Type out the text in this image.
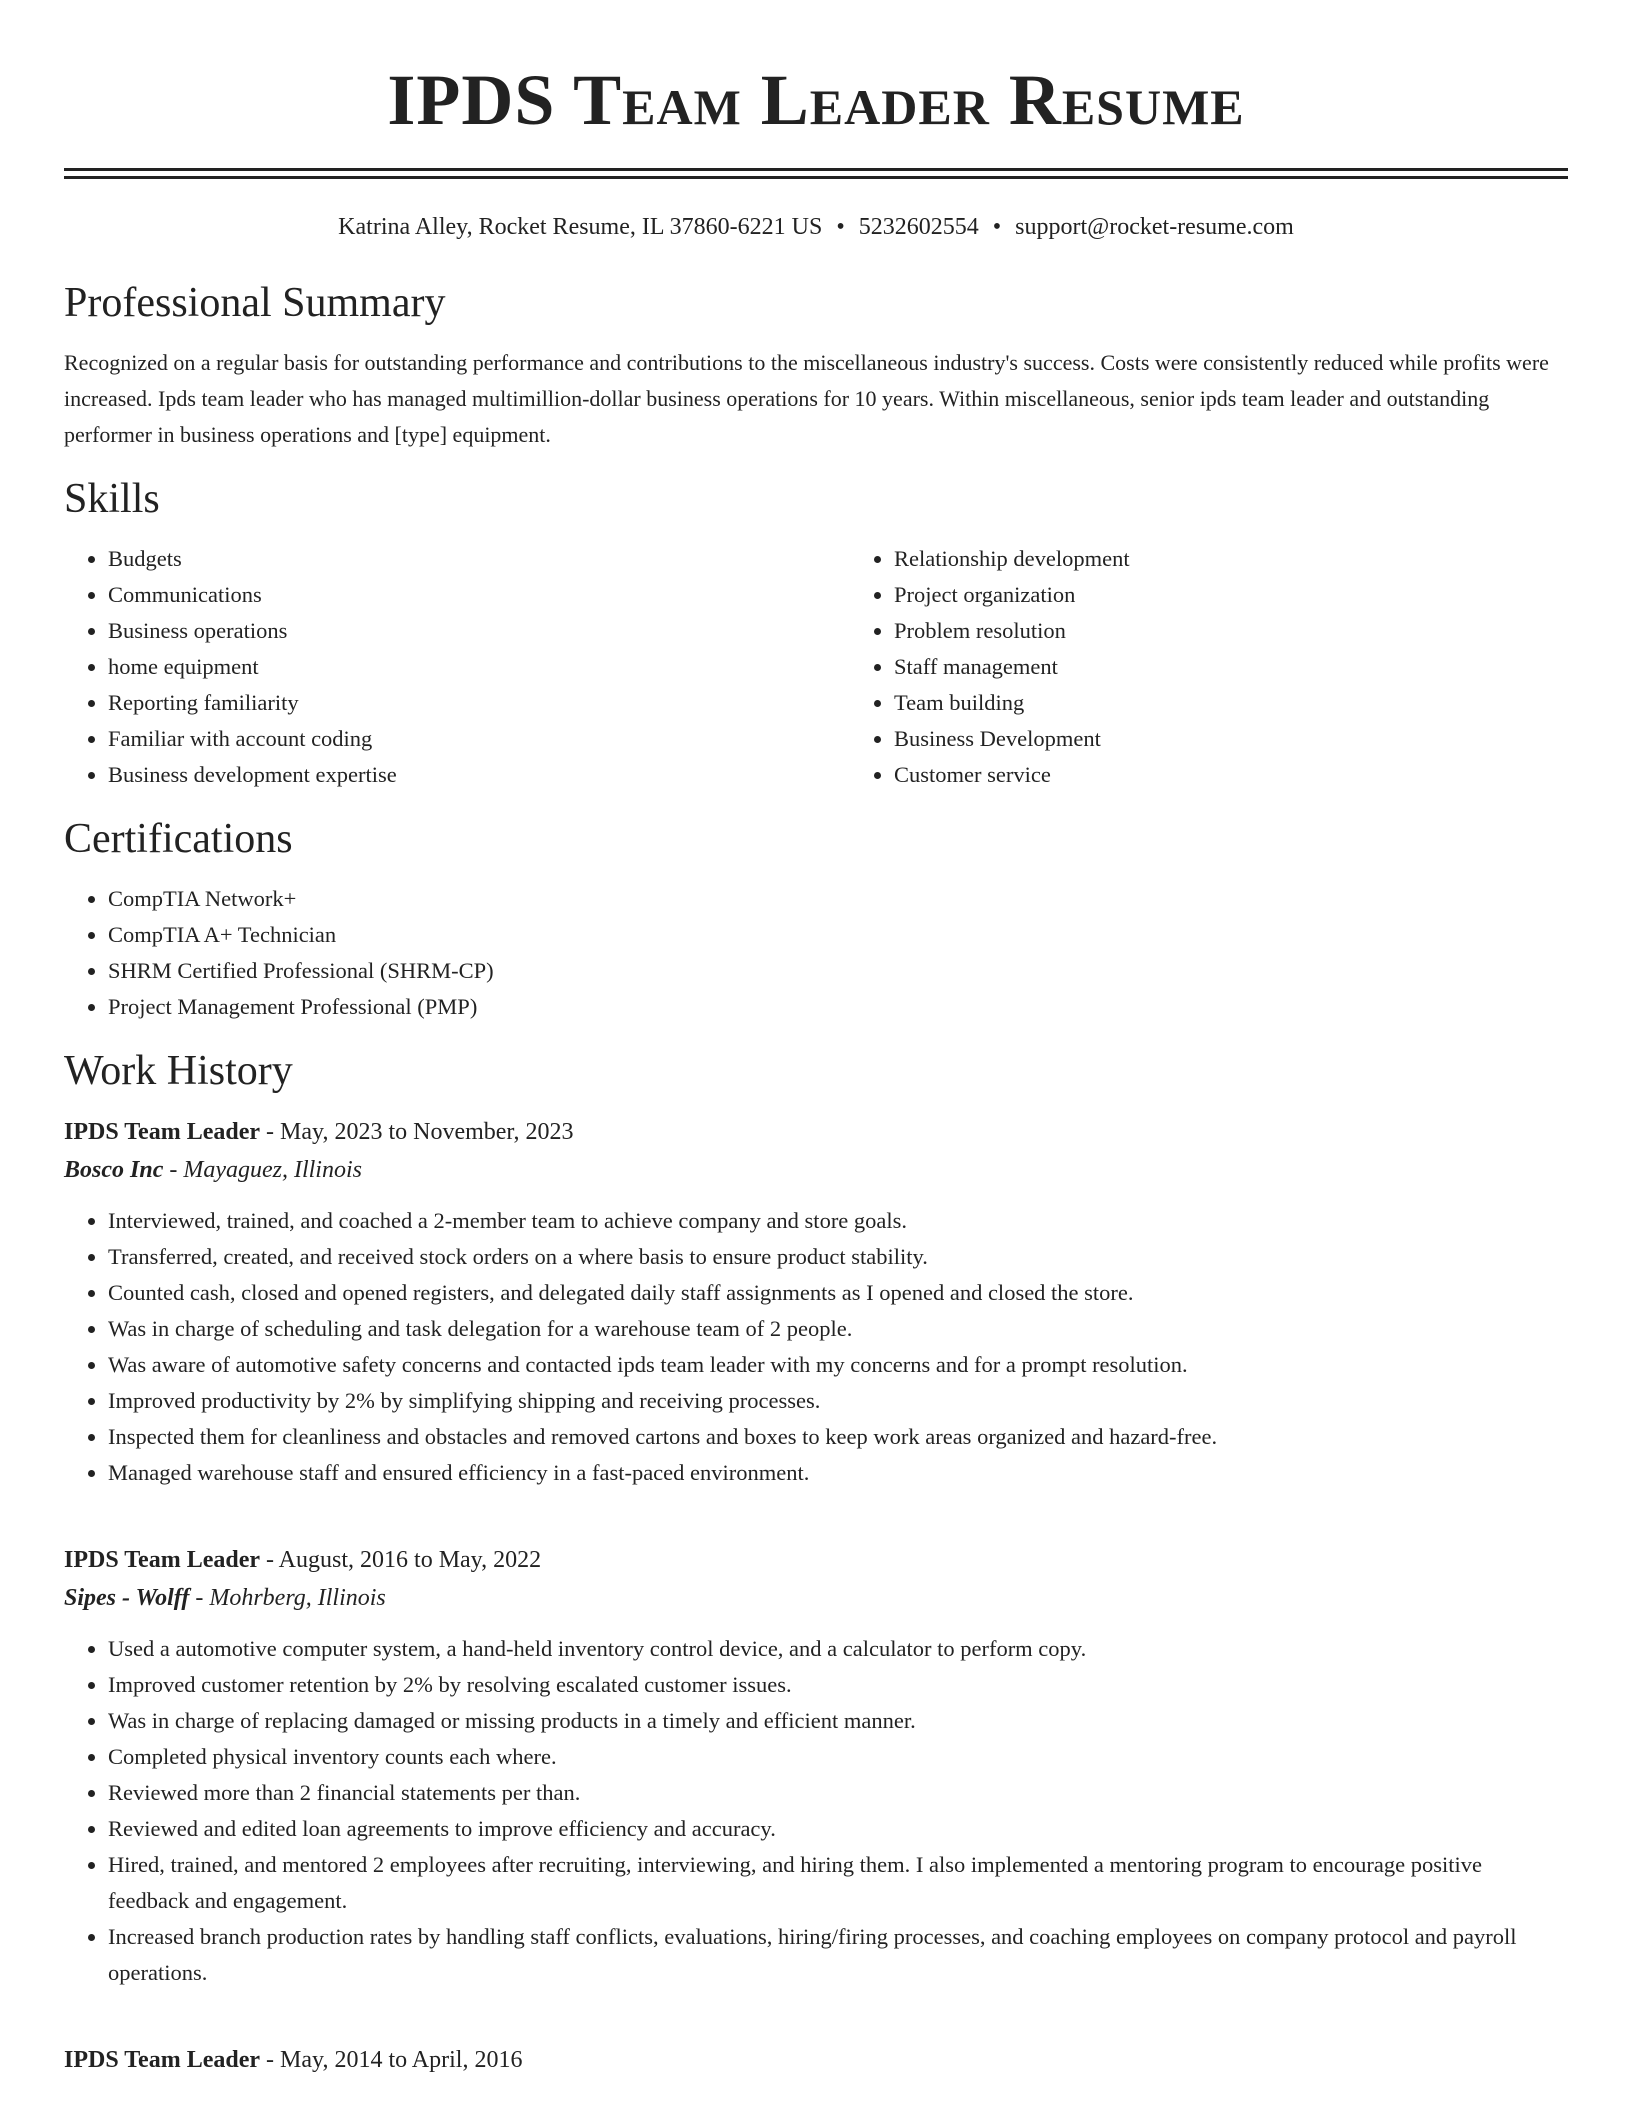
IPDS Team Leader Resume
Katrina Alley, Rocket Resume, IL 37860-6221 US • 5232602554 • support@rocket-resume.com
Professional Summary

Recognized on a regular basis for outstanding performance and contributions to the miscellaneous industry's success. Costs were consistently reduced while profits were increased. Ipds team leader who has managed multimillion-dollar business operations for 10 years. Within miscellaneous, senior ipds team leader and outstanding performer in business operations and [type] equipment.

Skills
• Budgets
• Communications
• Business operations
• home equipment
• Reporting familiarity
• Familiar with account coding
• Business development expertise
• Relationship development
• Project organization
• Problem resolution
• Staff management
• Team building
• Business Development
• Customer service
Certifications
• CompTIA Network+
• CompTIA A+ Technician
• SHRM Certified Professional (SHRM-CP)
• Project Management Professional (PMP)
Work History
IPDS Team Leader - May, 2023 to November, 2023
Bosco Inc - Mayaguez, Illinois
• Interviewed, trained, and coached a 2-member team to achieve company and store goals.
• Transferred, created, and received stock orders on a where basis to ensure product stability.
• Counted cash, closed and opened registers, and delegated daily staff assignments as I opened and closed the store.
• Was in charge of scheduling and task delegation for a warehouse team of 2 people.
• Was aware of automotive safety concerns and contacted ipds team leader with my concerns and for a prompt resolution.
• Improved productivity by 2% by simplifying shipping and receiving processes.
• Inspected them for cleanliness and obstacles and removed cartons and boxes to keep work areas organized and hazard-free.
• Managed warehouse staff and ensured efficiency in a fast-paced environment.
IPDS Team Leader - August, 2016 to May, 2022
Sipes - Wolff - Mohrberg, Illinois
• Used a automotive computer system, a hand-held inventory control device, and a calculator to perform copy.
• Improved customer retention by 2% by resolving escalated customer issues.
• Was in charge of replacing damaged or missing products in a timely and efficient manner.
• Completed physical inventory counts each where.
• Reviewed more than 2 financial statements per than.
• Reviewed and edited loan agreements to improve efficiency and accuracy.
• Hired, trained, and mentored 2 employees after recruiting, interviewing, and hiring them. I also implemented a mentoring program to encourage positive feedback and engagement.
• Increased branch production rates by handling staff conflicts, evaluations, hiring/firing processes, and coaching employees on company protocol and payroll operations.
IPDS Team Leader - May, 2014 to April, 2016
